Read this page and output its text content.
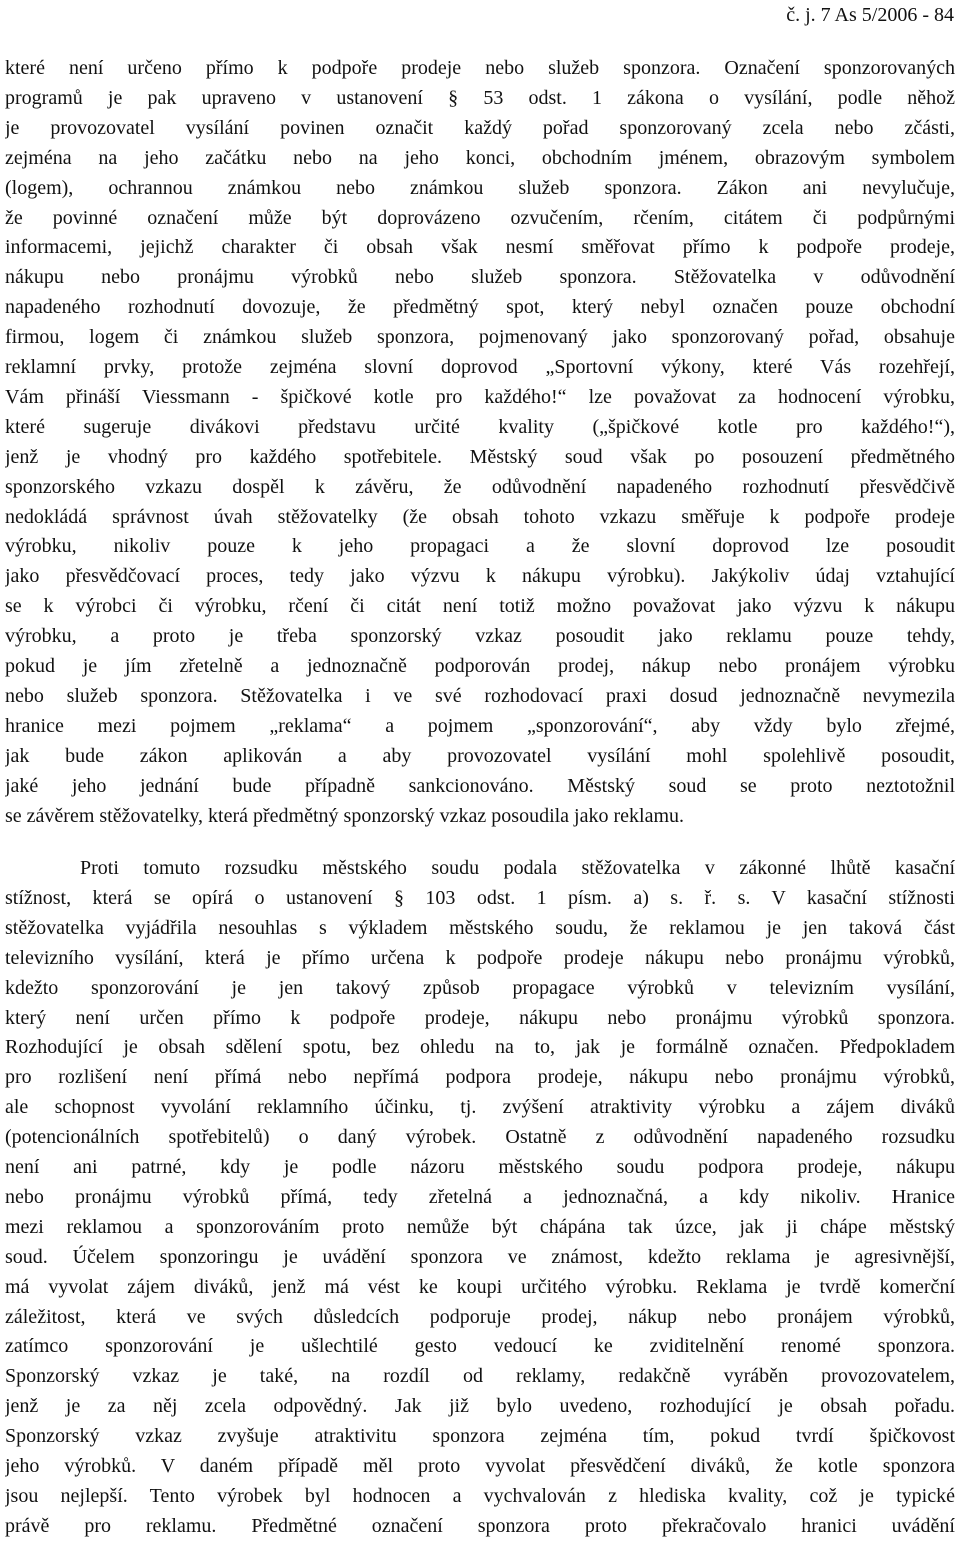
č. j. 7 As 5/2006 - 84
které není určeno přímo k podpoře prodeje nebo služeb sponzora. Označení sponzorovaných
programů je pak upraveno v ustanovení § 53 odst. 1 zákona o vysílání, podle něhož
je provozovatel vysílání povinen označit každý pořad sponzorovaný zcela nebo zčásti,
zejména na jeho začátku nebo na jeho konci, obchodním jménem, obrazovým symbolem
(logem), ochrannou známkou nebo známkou služeb sponzora. Zákon ani nevylučuje,
že povinné označení může být doprovázeno ozvučením, rčením, citátem či podpůrnými
informacemi, jejichž charakter či obsah však nesmí směřovat přímo k podpoře prodeje,
nákupu nebo pronájmu výrobků nebo služeb sponzora. Stěžovatelka v odůvodnění
napadeného rozhodnutí dovozuje, že předmětný spot, který nebyl označen pouze obchodní
firmou, logem či známkou služeb sponzora, pojmenovaný jako sponzorovaný pořad, obsahuje
reklamní prvky, protože zejména slovní doprovod „Sportovní výkony, které Vás rozehřejí,
Vám přináší Viessmann - špičkové kotle pro každého!“ lze považovat za hodnocení výrobku,
které sugeruje divákovi představu určité kvality („špičkové kotle pro každého!“),
jenž je vhodný pro každého spotřebitele. Městský soud však po posouzení předmětného
sponzorského vzkazu dospěl k závěru, že odůvodnění napadeného rozhodnutí přesvědčivě
nedokládá správnost úvah stěžovatelky (že obsah tohoto vzkazu směřuje k podpoře prodeje
výrobku, nikoliv pouze k jeho propagaci a že slovní doprovod lze posoudit
jako přesvědčovací proces, tedy jako výzvu k nákupu výrobku). Jakýkoliv údaj vztahující
se k výrobci či výrobku, rčení či citát není totiž možno považovat jako výzvu k nákupu
výrobku, a proto je třeba sponzorský vzkaz posoudit jako reklamu pouze tehdy,
pokud je jím zřetelně a jednoznačně podporován prodej, nákup nebo pronájem výrobku
nebo služeb sponzora. Stěžovatelka i ve své rozhodovací praxi dosud jednoznačně nevymezila
hranice mezi pojmem „reklama“ a pojmem „sponzorování“, aby vždy bylo zřejmé,
jak bude zákon aplikován a aby provozovatel vysílání mohl spolehlivě posoudit,
jaké jeho jednání bude případně sankcionováno. Městský soud se proto neztotožnil
se závěrem stěžovatelky, která předmětný sponzorský vzkaz posoudila jako reklamu.
Proti tomuto rozsudku městského soudu podala stěžovatelka v zákonné lhůtě kasační
stížnost, která se opírá o ustanovení § 103 odst. 1 písm. a) s. ř. s. V kasační stížnosti
stěžovatelka vyjádřila nesouhlas s výkladem městského soudu, že reklamou je jen taková část
televizního vysílání, která je přímo určena k podpoře prodeje nákupu nebo pronájmu výrobků,
kdežto sponzorování je jen takový způsob propagace výrobků v televizním vysílání,
který není určen přímo k podpoře prodeje, nákupu nebo pronájmu výrobků sponzora.
Rozhodující je obsah sdělení spotu, bez ohledu na to, jak je formálně označen. Předpokladem
pro rozlišení není přímá nebo nepřímá podpora prodeje, nákupu nebo pronájmu výrobků,
ale schopnost vyvolání reklamního účinku, tj. zvýšení atraktivity výrobku a zájem diváků
(potencionálních spotřebitelů) o daný výrobek. Ostatně z odůvodnění napadeného rozsudku
není ani patrné, kdy je podle názoru městského soudu podpora prodeje, nákupu
nebo pronájmu výrobků přímá, tedy zřetelná a jednoznačná, a kdy nikoliv. Hranice
mezi reklamou a sponzorováním proto nemůže být chápána tak úzce, jak ji chápe městský
soud. Účelem sponzoringu je uvádění sponzora ve známost, kdežto reklama je agresivnější,
má vyvolat zájem diváků, jenž má vést ke koupi určitého výrobku. Reklama je tvrdě komerční
záležitost, která ve svých důsledcích podporuje prodej, nákup nebo pronájem výrobků,
zatímco sponzorování je ušlechtilé gesto vedoucí ke zviditelnění renomé sponzora.
Sponzorský vzkaz je také, na rozdíl od reklamy, redakčně vyráběn provozovatelem,
jenž je za něj zcela odpovědný. Jak již bylo uvedeno, rozhodující je obsah pořadu.
Sponzorský vzkaz zvyšuje atraktivitu sponzora zejména tím, pokud tvrdí špičkovost
jeho výrobků. V daném případě měl proto vyvolat přesvědčení diváků, že kotle sponzora
jsou nejlepší. Tento výrobek byl hodnocen a vychvalován z hlediska kvality, což je typické
právě pro reklamu. Předmětné označení sponzora proto překračovalo hranici uvádění
